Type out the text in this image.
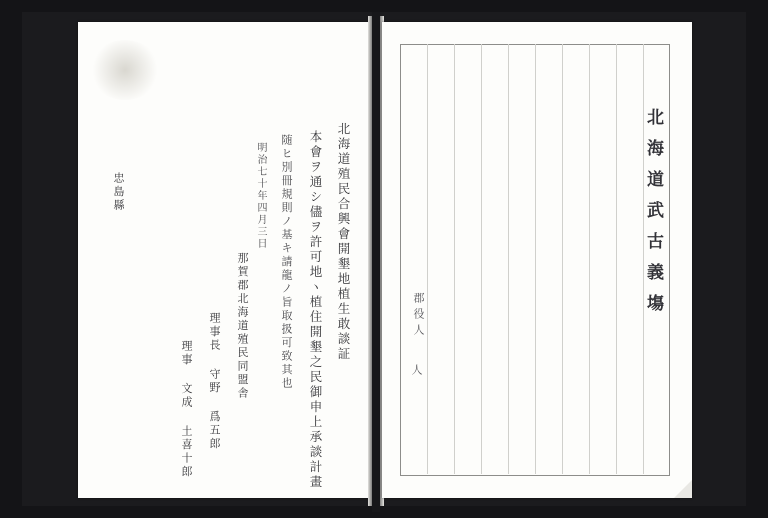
北海道殖民合興會開墾地植生敢談証
本會ヲ通シ儘ヲ許可地ヽ植住開墾之民御申上承談計畫
随ヒ別冊規則ノ基キ請龍ノ旨取扱可致其也
明治七十年四月三日
那賀郡北海道殖民同盟舎
理事長 守野 爲五郎
理事 文成 土喜十郎
忠島縣	北海道武古義塲
郡役人
人
